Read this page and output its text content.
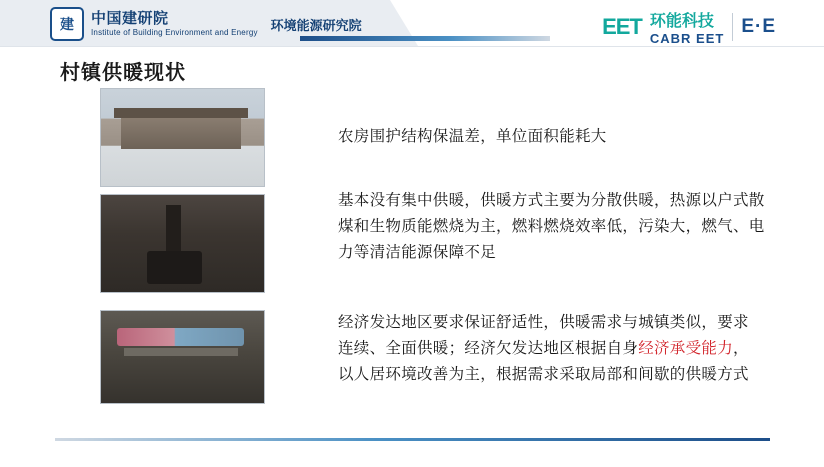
建	中国建研院
Institute of Building Environment and Energy 环境能源研究院	EET 环能科技
CABR EET
E·E
村镇供暖现状
农房围护结构保温差，单位面积能耗大
基本没有集中供暖，供暖方式主要为分散供暖，热源以户式散煤和生物质能燃烧为主，燃料燃烧效率低，污染大，燃气、电力等清洁能源保障不足
经济发达地区要求保证舒适性，供暖需求与城镇类似，要求连续、全面供暖；经济欠发达地区根据自身经济承受能力，以人居环境改善为主，根据需求采取局部和间歇的供暖方式
